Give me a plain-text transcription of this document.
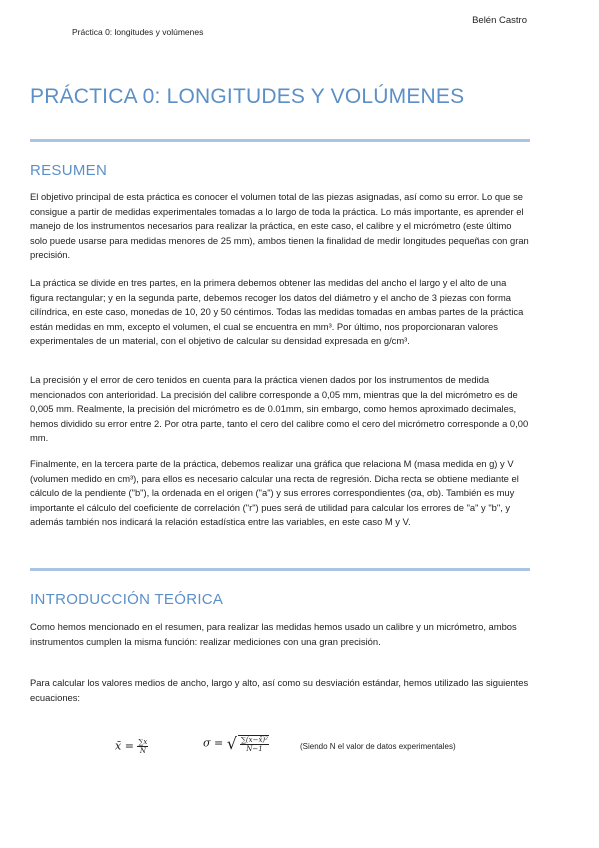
Belén Castro
Práctica 0: longitudes y volúmenes
PRÁCTICA 0: LONGITUDES Y VOLÚMENES
RESUMEN

El objetivo principal de esta práctica es conocer el volumen total de las piezas asignadas, así como su error. Lo que se consigue a partir de medidas experimentales tomadas a lo largo de toda la práctica. Lo más importante, es aprender el manejo de los instrumentos necesarios para realizar la práctica, en este caso, el calibre y el micrómetro (este último solo puede usarse para medidas menores de 25 mm), ambos tienen la finalidad de medir longitudes pequeñas con gran precisión.

La práctica se divide en tres partes, en la primera debemos obtener las medidas del ancho el largo y el alto de una figura rectangular; y en la segunda parte, debemos recoger los datos del diámetro y el ancho de 3 piezas con forma cilíndrica, en este caso, monedas de 10, 20 y 50 céntimos. Todas las medidas tomadas en ambas partes de la práctica están medidas en mm, excepto el volumen, el cual se encuentra en mm³. Por último, nos proporcionaran valores experimentales de un material, con el objetivo de calcular su densidad expresada en g/cm³.

La precisión y el error de cero tenidos en cuenta para la práctica vienen dados por los instrumentos de medida mencionados con anterioridad. La precisión del calibre corresponde a 0,05 mm, mientras que la del micrómetro es de 0,005 mm. Realmente, la precisión del micrómetro es de 0.01mm, sin embargo, como hemos aproximado decimales, hemos dividido su error entre 2. Por otra parte, tanto el cero del calibre como el cero del micrómetro corresponde a 0,00 mm.

Finalmente, en la tercera parte de la práctica, debemos realizar una gráfica que relaciona M (masa medida en g) y V (volumen medido en cm³), para ellos es necesario calcular una recta de regresión. Dicha recta se obtiene mediante el cálculo de la pendiente ("b"), la ordenada en el origen ("a") y sus errores correspondientes (σa, σb). También es muy importante el cálculo del coeficiente de correlación ("r") pues será de utilidad para calcular los errores de "a" y "b", y además también nos indicará la relación estadística entre las variables, en este caso M y V.

INTRODUCCIÓN TEÓRICA

Como hemos mencionado en el resumen, para realizar las medidas hemos usado un calibre y un micrómetro, ambos instrumentos cumplen la misma función: realizar mediciones con una gran precisión.

Para calcular los valores medios de ancho, largo y alto, así como su desviación estándar, hemos utilizado las siguientes ecuaciones:

x̄ = $\frac{\sum x}{N}$	σ = √ $\frac{\text{∑(x−x̄)²}}{N-1}$	(Siendo N el valor de datos experimentales)
